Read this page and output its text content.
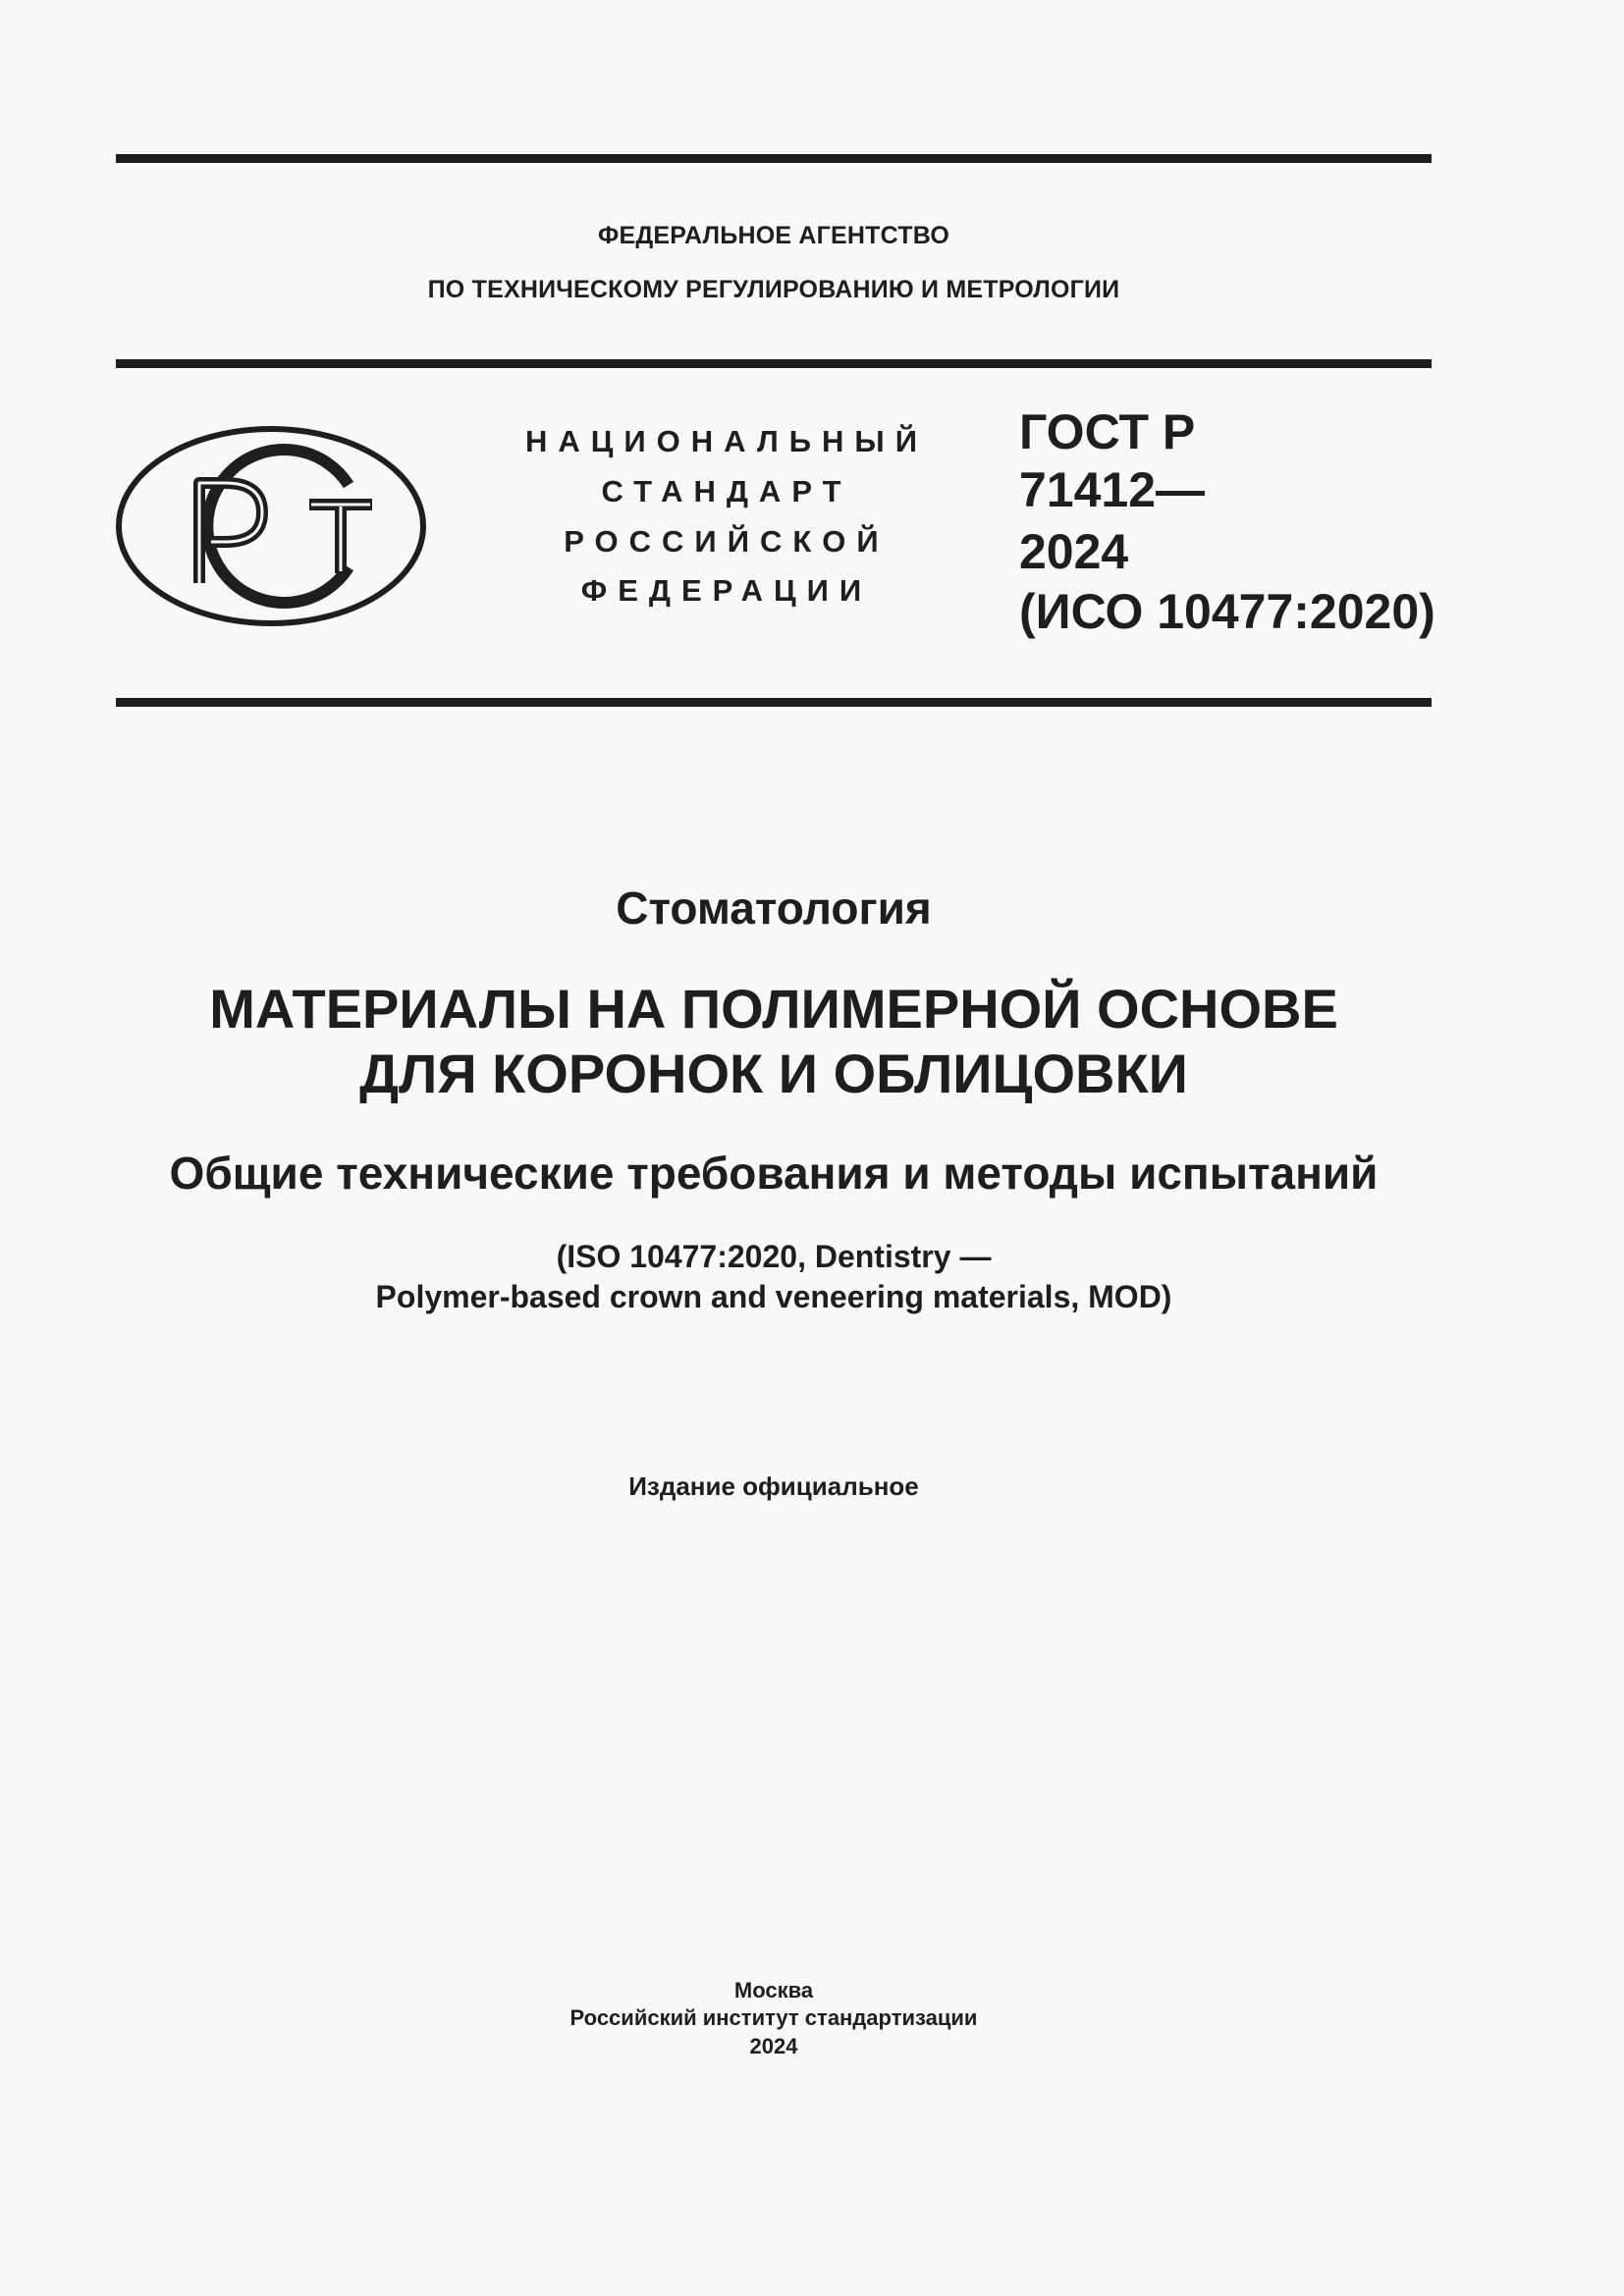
ФЕДЕРАЛЬНОЕ АГЕНТСТВО
ПО ТЕХНИЧЕСКОМУ РЕГУЛИРОВАНИЮ И МЕТРОЛОГИИ
НАЦИОНАЛЬНЫЙ
СТАНДАРТ
РОССИЙСКОЙ
ФЕДЕРАЦИИ
ГОСТ Р
71412—
2024
(ИСО 10477:2020)
Стоматология
МАТЕРИАЛЫ НА ПОЛИМЕРНОЙ ОСНОВЕ
ДЛЯ КОРОНОК И ОБЛИЦОВКИ
Общие технические требования и методы испытаний
(ISO 10477:2020, Dentistry —
Polymer-based crown and veneering materials, MOD)
Издание официальное
Москва
Российский институт стандартизации
2024
